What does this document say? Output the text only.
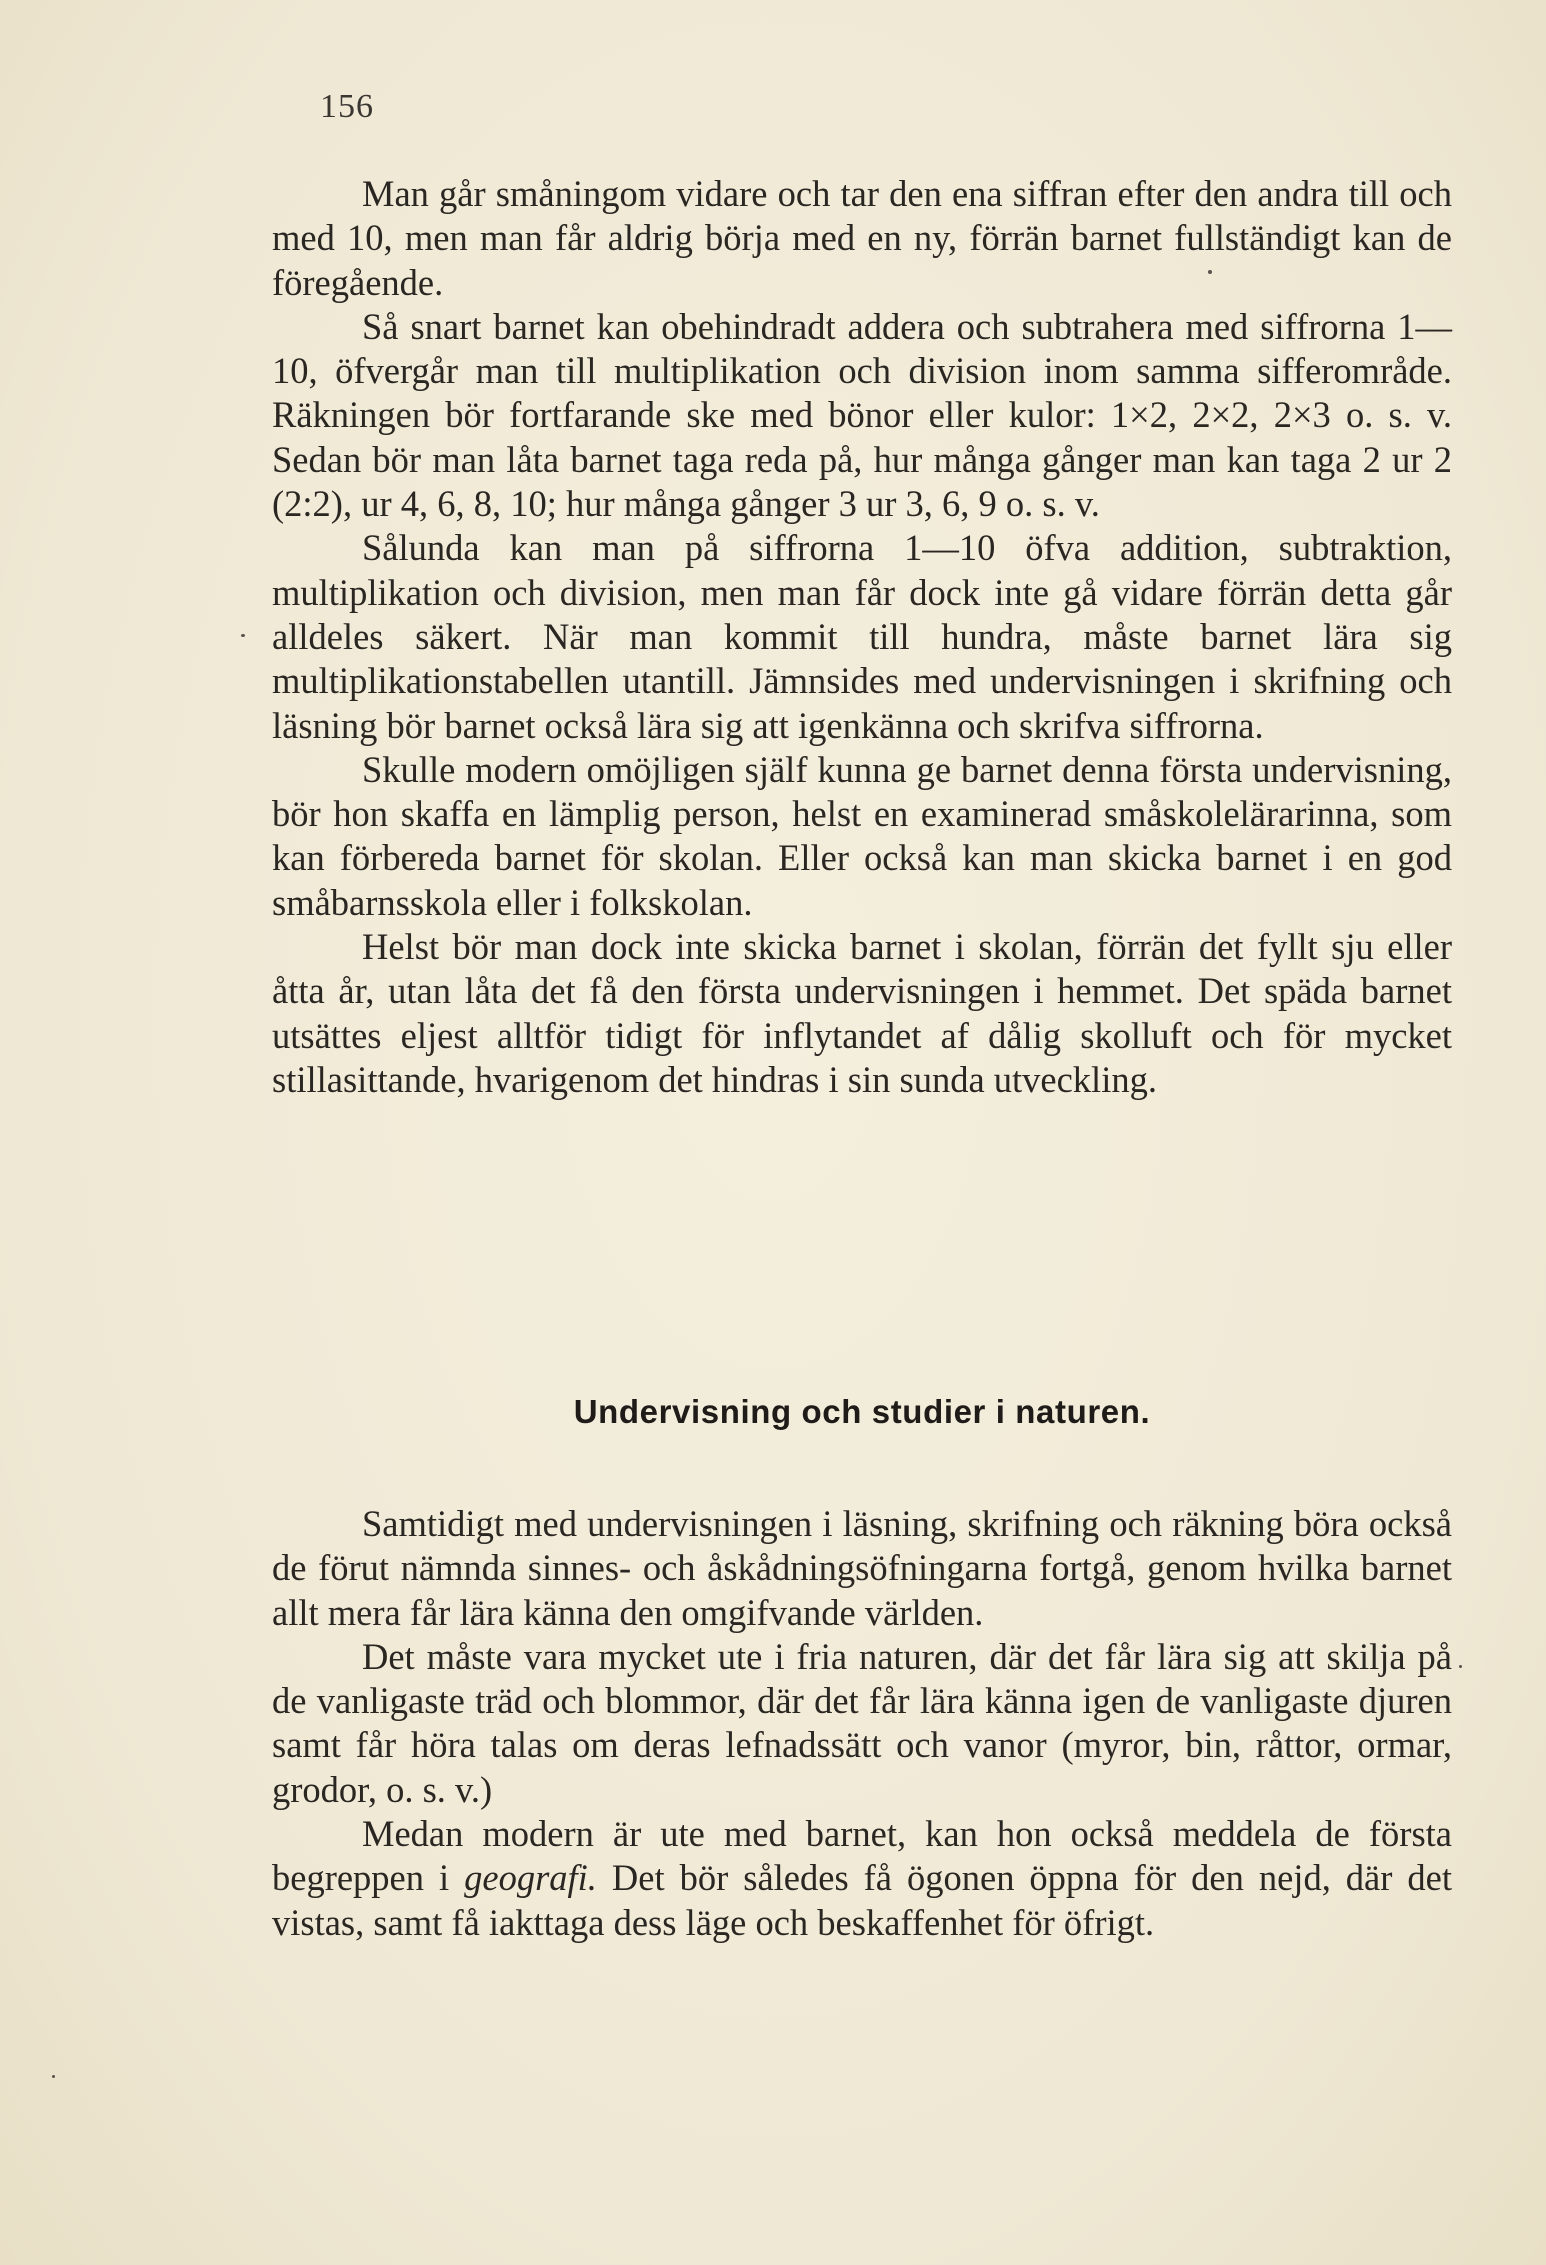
156

Man går småningom vidare och tar den ena siffran efter den andra till och med 10, men man får aldrig börja med en ny, förrän barnet fullständigt kan de föregående.

Så snart barnet kan obehindradt addera och subtrahera med siffrorna 1—10, öfvergår man till multiplikation och division inom samma sifferområde. Räkningen bör fortfarande ske med bönor eller kulor: 1×2, 2×2, 2×3 o. s. v. Sedan bör man låta barnet taga reda på, hur många gånger man kan taga 2 ur 2 (2:2), ur 4, 6, 8, 10; hur många gånger 3 ur 3, 6, 9 o. s. v.

Sålunda kan man på siffrorna 1—10 öfva addition, subtraktion, multiplikation och division, men man får dock inte gå vidare förrän detta går alldeles säkert. När man kommit till hundra, måste barnet lära sig multiplikationstabellen utantill. Jämnsides med undervisningen i skrifning och läsning bör barnet också lära sig att igenkänna och skrifva siffrorna.

Skulle modern omöjligen själf kunna ge barnet denna första undervisning, bör hon skaffa en lämplig person, helst en examinerad småskolelärarinna, som kan förbereda barnet för skolan. Eller också kan man skicka barnet i en god småbarnsskola eller i folkskolan.

Helst bör man dock inte skicka barnet i skolan, förrän det fyllt sju eller åtta år, utan låta det få den första undervisningen i hemmet. Det späda barnet utsättes eljest alltför tidigt för inflytandet af dålig skolluft och för mycket stillasittande, hvarigenom det hindras i sin sunda utveckling.

Undervisning och studier i naturen.

Samtidigt med undervisningen i läsning, skrifning och räkning böra också de förut nämnda sinnes- och åskådningsöfningarna fortgå, genom hvilka barnet allt mera får lära känna den omgifvande världen.

Det måste vara mycket ute i fria naturen, där det får lära sig att skilja på de vanligaste träd och blommor, där det får lära känna igen de vanligaste djuren samt får höra talas om deras lefnadssätt och vanor (myror, bin, råttor, ormar, grodor, o. s. v.)

Medan modern är ute med barnet, kan hon också meddela de första begreppen i geografi. Det bör således få ögonen öppna för den nejd, där det vistas, samt få iakttaga dess läge och beskaffenhet för öfrigt.
